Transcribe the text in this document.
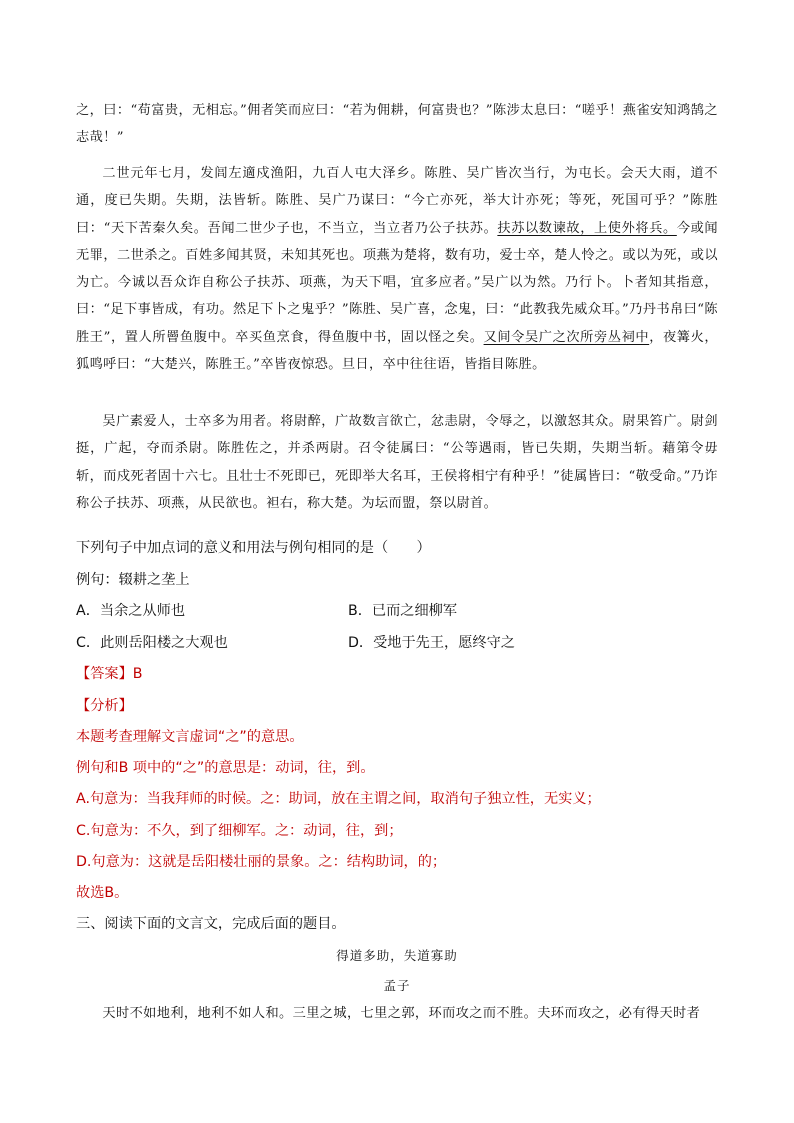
之，曰：“苟富贵，无相忘。”佣者笑而应曰：“若为佣耕，何富贵也？”陈涉太息曰：“嗟乎！燕雀安知鸿鹄之志哉！”

二世元年七月，发闾左適戍渔阳，九百人屯大泽乡。陈胜、吴广皆次当行，为屯长。会天大雨，道不通，度已失期。失期，法皆斩。陈胜、吴广乃谋曰：“今亡亦死，举大计亦死；等死，死国可乎？”陈胜曰：“天下苦秦久矣。吾闻二世少子也，不当立，当立者乃公子扶苏。扶苏以数谏故，上使外将兵。今或闻无罪，二世杀之。百姓多闻其贤，未知其死也。项燕为楚将，数有功，爱士卒，楚人怜之。或以为死，或以为亡。今诚以吾众诈自称公子扶苏、项燕，为天下唱，宜多应者。”吴广以为然。乃行卜。卜者知其指意，曰：“足下事皆成，有功。然足下卜之鬼乎？”陈胜、吴广喜，念鬼，曰：“此教我先威众耳。”乃丹书帛曰“陈胜王”，置人所罾鱼腹中。卒买鱼烹食，得鱼腹中书，固以怪之矣。又间令吴广之次所旁丛祠中，夜篝火，狐鸣呼曰：“大楚兴，陈胜王。”卒皆夜惊恐。旦日，卒中往往语，皆指目陈胜。

吴广素爱人，士卒多为用者。将尉醉，广故数言欲亡，忿恚尉，令辱之，以激怒其众。尉果笞广。尉剑挺，广起，夺而杀尉。陈胜佐之，并杀两尉。召令徒属曰：“公等遇雨，皆已失期，失期当斩。藉第令毋斩，而戍死者固十六七。且壮士不死即已，死即举大名耳，王侯将相宁有种乎！”徒属皆曰：“敬受命。”乃诈称公子扶苏、项燕，从民欲也。袒右，称大楚。为坛而盟，祭以尉首。

下列句子中加点词的意义和用法与例句相同的是（　　）

例句：辍耕之垄上

A．当余之从师也	B．已而之细柳军
C．此则岳阳楼之大观也	D．受地于先王，愿终守之

【答案】B

【分析】

本题考查理解文言虚词“之”的意思。

例句和B 项中的“之”的意思是：动词，往，到。

A.句意为：当我拜师的时候。之：助词，放在主谓之间，取消句子独立性，无实义；

C.句意为：不久，到了细柳军。之：动词，往，到；

D.句意为：这就是岳阳楼壮丽的景象。之：结构助词，的；

故选B。

三、阅读下面的文言文，完成后面的题目。

得道多助，失道寡助

孟子

天时不如地利，地利不如人和。三里之城，七里之郭，环而攻之而不胜。夫环而攻之，必有得天时者
